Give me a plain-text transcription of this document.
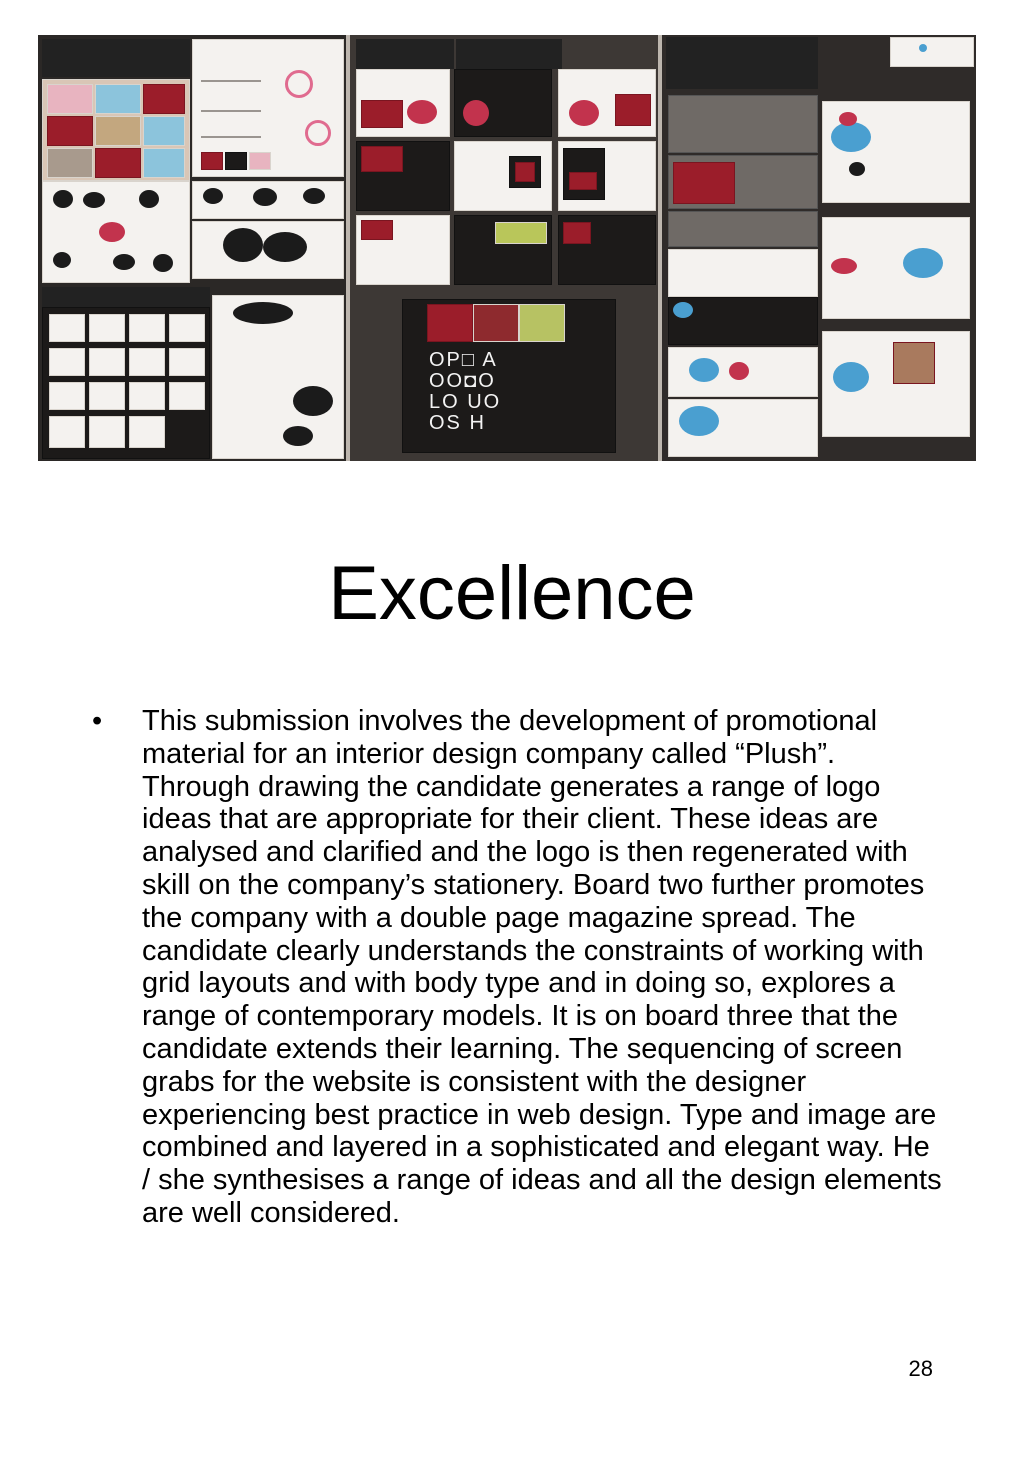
OP□ A
OO◘O
LO UO
OS H
Excellence
• This submission involves the development of promotional material for an interior design company called “Plush”. Through drawing the candidate generates a range of logo ideas that are appropriate for their client. These ideas are analysed and clarified and the logo is then regenerated with skill on the company’s stationery. Board two further promotes the company with a double page magazine spread. The candidate clearly understands the constraints of working with grid layouts and with body type and in doing so, explores a range of contemporary models. It is on board three that the candidate extends their learning. The sequencing of screen grabs for the website is consistent with the designer experiencing best practice in web design. Type and image are combined and layered in a sophisticated and elegant way. He / she synthesises a range of ideas and all the design elements are well considered.

28
